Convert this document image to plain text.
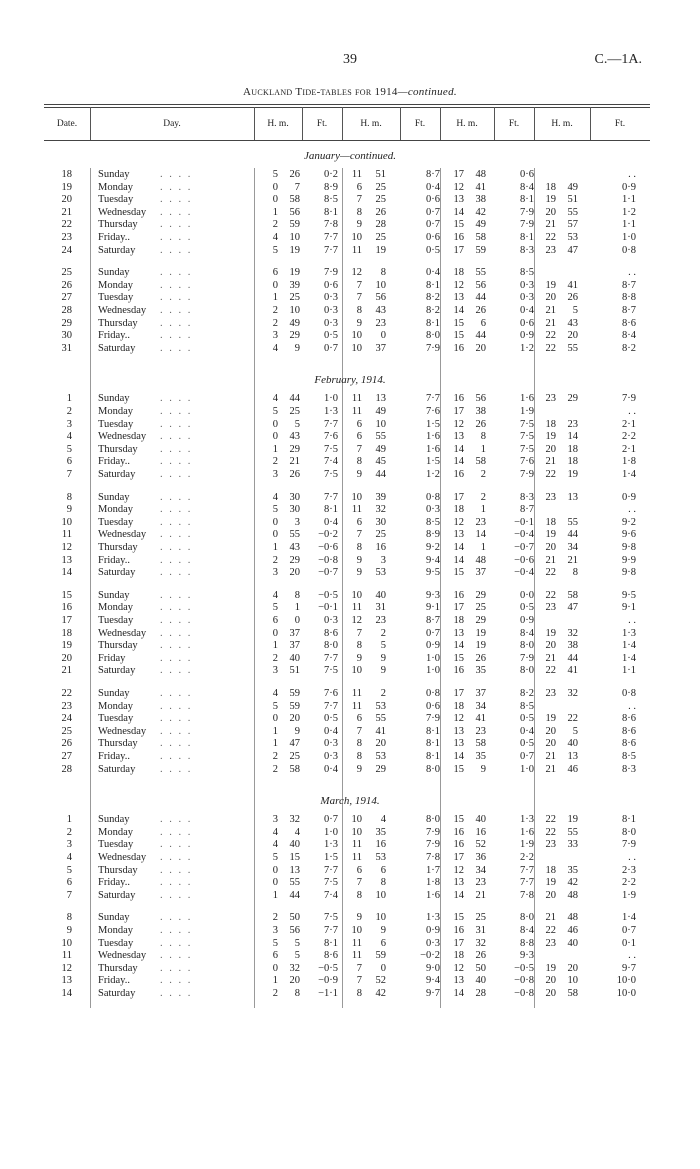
39	C.—1A.
Auckland Tide-tables for 1914—continued.
Date.	Day.	H. m.	Ft.	H. m.	Ft.	H. m.	Ft.	H. m.	Ft.
January—continued.
18 Sunday	. . . .	5	26	0·2	11	51	8·7	17	48	0·6	. .
19 Monday	. . . .	0	7	8·9	6	25	0·4	12	41	8·4	18	49	0·9
20 Tuesday	. . . .	0	58	8·5	7	25	0·6	13	38	8·1	19	51	1·1
21 Wednesday . . . .	1	56	8·1	8	26	0·7	14	42	7·9	20	55	1·2
22 Thursday . . . .	2	59	7·8	9	28	0·7	15	49	7·9	21	57	1·1
23 Friday..	. . . .	4	10	7·7	10	25	0·6	16	58	8·1	22	53	1·0
24 Saturday . . . .	5	19	7·7	11	19	0·5	17	59	8·3	23	47	0·8
25 Sunday	. . . .	6	19	7·9	12	8	0·4	18	55	8·5	. .
26 Monday	. . . .	0	39	0·6	7	10	8·1	12	56	0·3	19	41	8·7
27 Tuesday	. . . .	1	25	0·3	7	56	8·2	13	44	0·3	20	26	8·8
28 Wednesday . . . .	2	10	0·3	8	43	8·2	14	26	0·4	21	5	8·7
29 Thursday . . . .	2	49	0·3	9	23	8·1	15	6	0·6	21	43	8·6
30 Friday..	. . . .	3	29	0·5	10	0	8·0	15	44	0·9	22	20	8·4
31 Saturday . . . .	4	9	0·7	10	37	7·9	16	20	1·2	22	55	8·2
February, 1914.
1 Sunday	. . . .	4	44	1·0	11	13	7·7	16	56	1·6	23	29	7·9
2 Monday	. . . .	5	25	1·3	11	49	7·6	17	38	1·9	. .
3 Tuesday	. . . .	0	5	7·7	6	10	1·5	12	26	7·5	18	23	2·1
4 Wednesday . . . .	0	43	7·6	6	55	1·6	13	8	7·5	19	14	2·2
5 Thursday . . . .	1	29	7·5	7	49	1·6	14	1	7·5	20	18	2·1
6 Friday..	. . . .	2	21	7·4	8	45	1·5	14	58	7·6	21	18	1·8
7 Saturday . . . .	3	26	7·5	9	44	1·2	16	2	7·9	22	19	1·4
8 Sunday	. . . .	4	30	7·7	10	39	0·8	17	2	8·3	23	13	0·9
9 Monday	. . . .	5	30	8·1	11	32	0·3	18	1	8·7	. .
10 Tuesday	. . . .	0	3	0·4	6	30	8·5	12	23	−0·1	18	55	9·2
11 Wednesday . . . .	0	55	−0·2	7	25	8·9	13	14	−0·4	19	44	9·6
12 Thursday . . . .	1	43	−0·6	8	16	9·2	14	1	−0·7	20	34	9·8
13 Friday..	. . . .	2	29	−0·8	9	3	9·4	14	48	−0·6	21	21	9·9
14 Saturday . . . .	3	20	−0·7	9	53	9·5	15	37	−0·4	22	8	9·8
15 Sunday	. . . .	4	8	−0·5	10	40	9·3	16	29	0·0	22	58	9·5
16 Monday	. . . .	5	1	−0·1	11	31	9·1	17	25	0·5	23	47	9·1
17 Tuesday	. . . .	6	0	0·3	12	23	8·7	18	29	0·9	. .
18 Wednesday . . . .	0	37	8·6	7	2	0·7	13	19	8·4	19	32	1·3
19 Thursday . . . .	1	37	8·0	8	5	0·9	14	19	8·0	20	38	1·4
20 Friday	. . . .	2	40	7·7	9	9	1·0	15	26	7·9	21	44	1·4
21 Saturday . . . .	3	51	7·5	10	9	1·0	16	35	8·0	22	41	1·1
22 Sunday	. . . .	4	59	7·6	11	2	0·8	17	37	8·2	23	32	0·8
23 Monday	. . . .	5	59	7·7	11	53	0·6	18	34	8·5	. .
24 Tuesday	. . . .	0	20	0·5	6	55	7·9	12	41	0·5	19	22	8·6
25 Wednesday . . . .	1	9	0·4	7	41	8·1	13	23	0·4	20	5	8·6
26 Thursday . . . .	1	47	0·3	8	20	8·1	13	58	0·5	20	40	8·6
27 Friday..	. . . .	2	25	0·3	8	53	8·1	14	35	0·7	21	13	8·5
28 Saturday . . . .	2	58	0·4	9	29	8·0	15	9	1·0	21	46	8·3
March, 1914.
1 Sunday	. . . .	3	32	0·7	10	4	8·0	15	40	1·3	22	19	8·1
2 Monday	. . . .	4	4	1·0	10	35	7·9	16	16	1·6	22	55	8·0
3 Tuesday	. . . .	4	40	1·3	11	16	7·9	16	52	1·9	23	33	7·9
4 Wednesday . . . .	5	15	1·5	11	53	7·8	17	36	2·2	. .
5 Thursday . . . .	0	13	7·7	6	6	1·7	12	34	7·7	18	35	2·3
6 Friday..	. . . .	0	55	7·5	7	8	1·8	13	23	7·7	19	42	2·2
7 Saturday . . . .	1	44	7·4	8	10	1·6	14	21	7·8	20	48	1·9
8 Sunday	. . . .	2	50	7·5	9	10	1·3	15	25	8·0	21	48	1·4
9 Monday	. . . .	3	56	7·7	10	9	0·9	16	31	8·4	22	46	0·7
10 Tuesday	. . . .	5	5	8·1	11	6	0·3	17	32	8·8	23	40	0·1
11 Wednesday . . . .	6	5	8·6	11	59	−0·2	18	26	9·3	. .
12 Thursday . . . .	0	32	−0·5	7	0	9·0	12	50	−0·5	19	20	9·7
13 Friday..	. . . .	1	20	−0·9	7	52	9·4	13	40	−0·8	20	10	10·0
14 Saturday . . . .	2	8	−1·1	8	42	9·7	14	28	−0·8	20	58	10·0
